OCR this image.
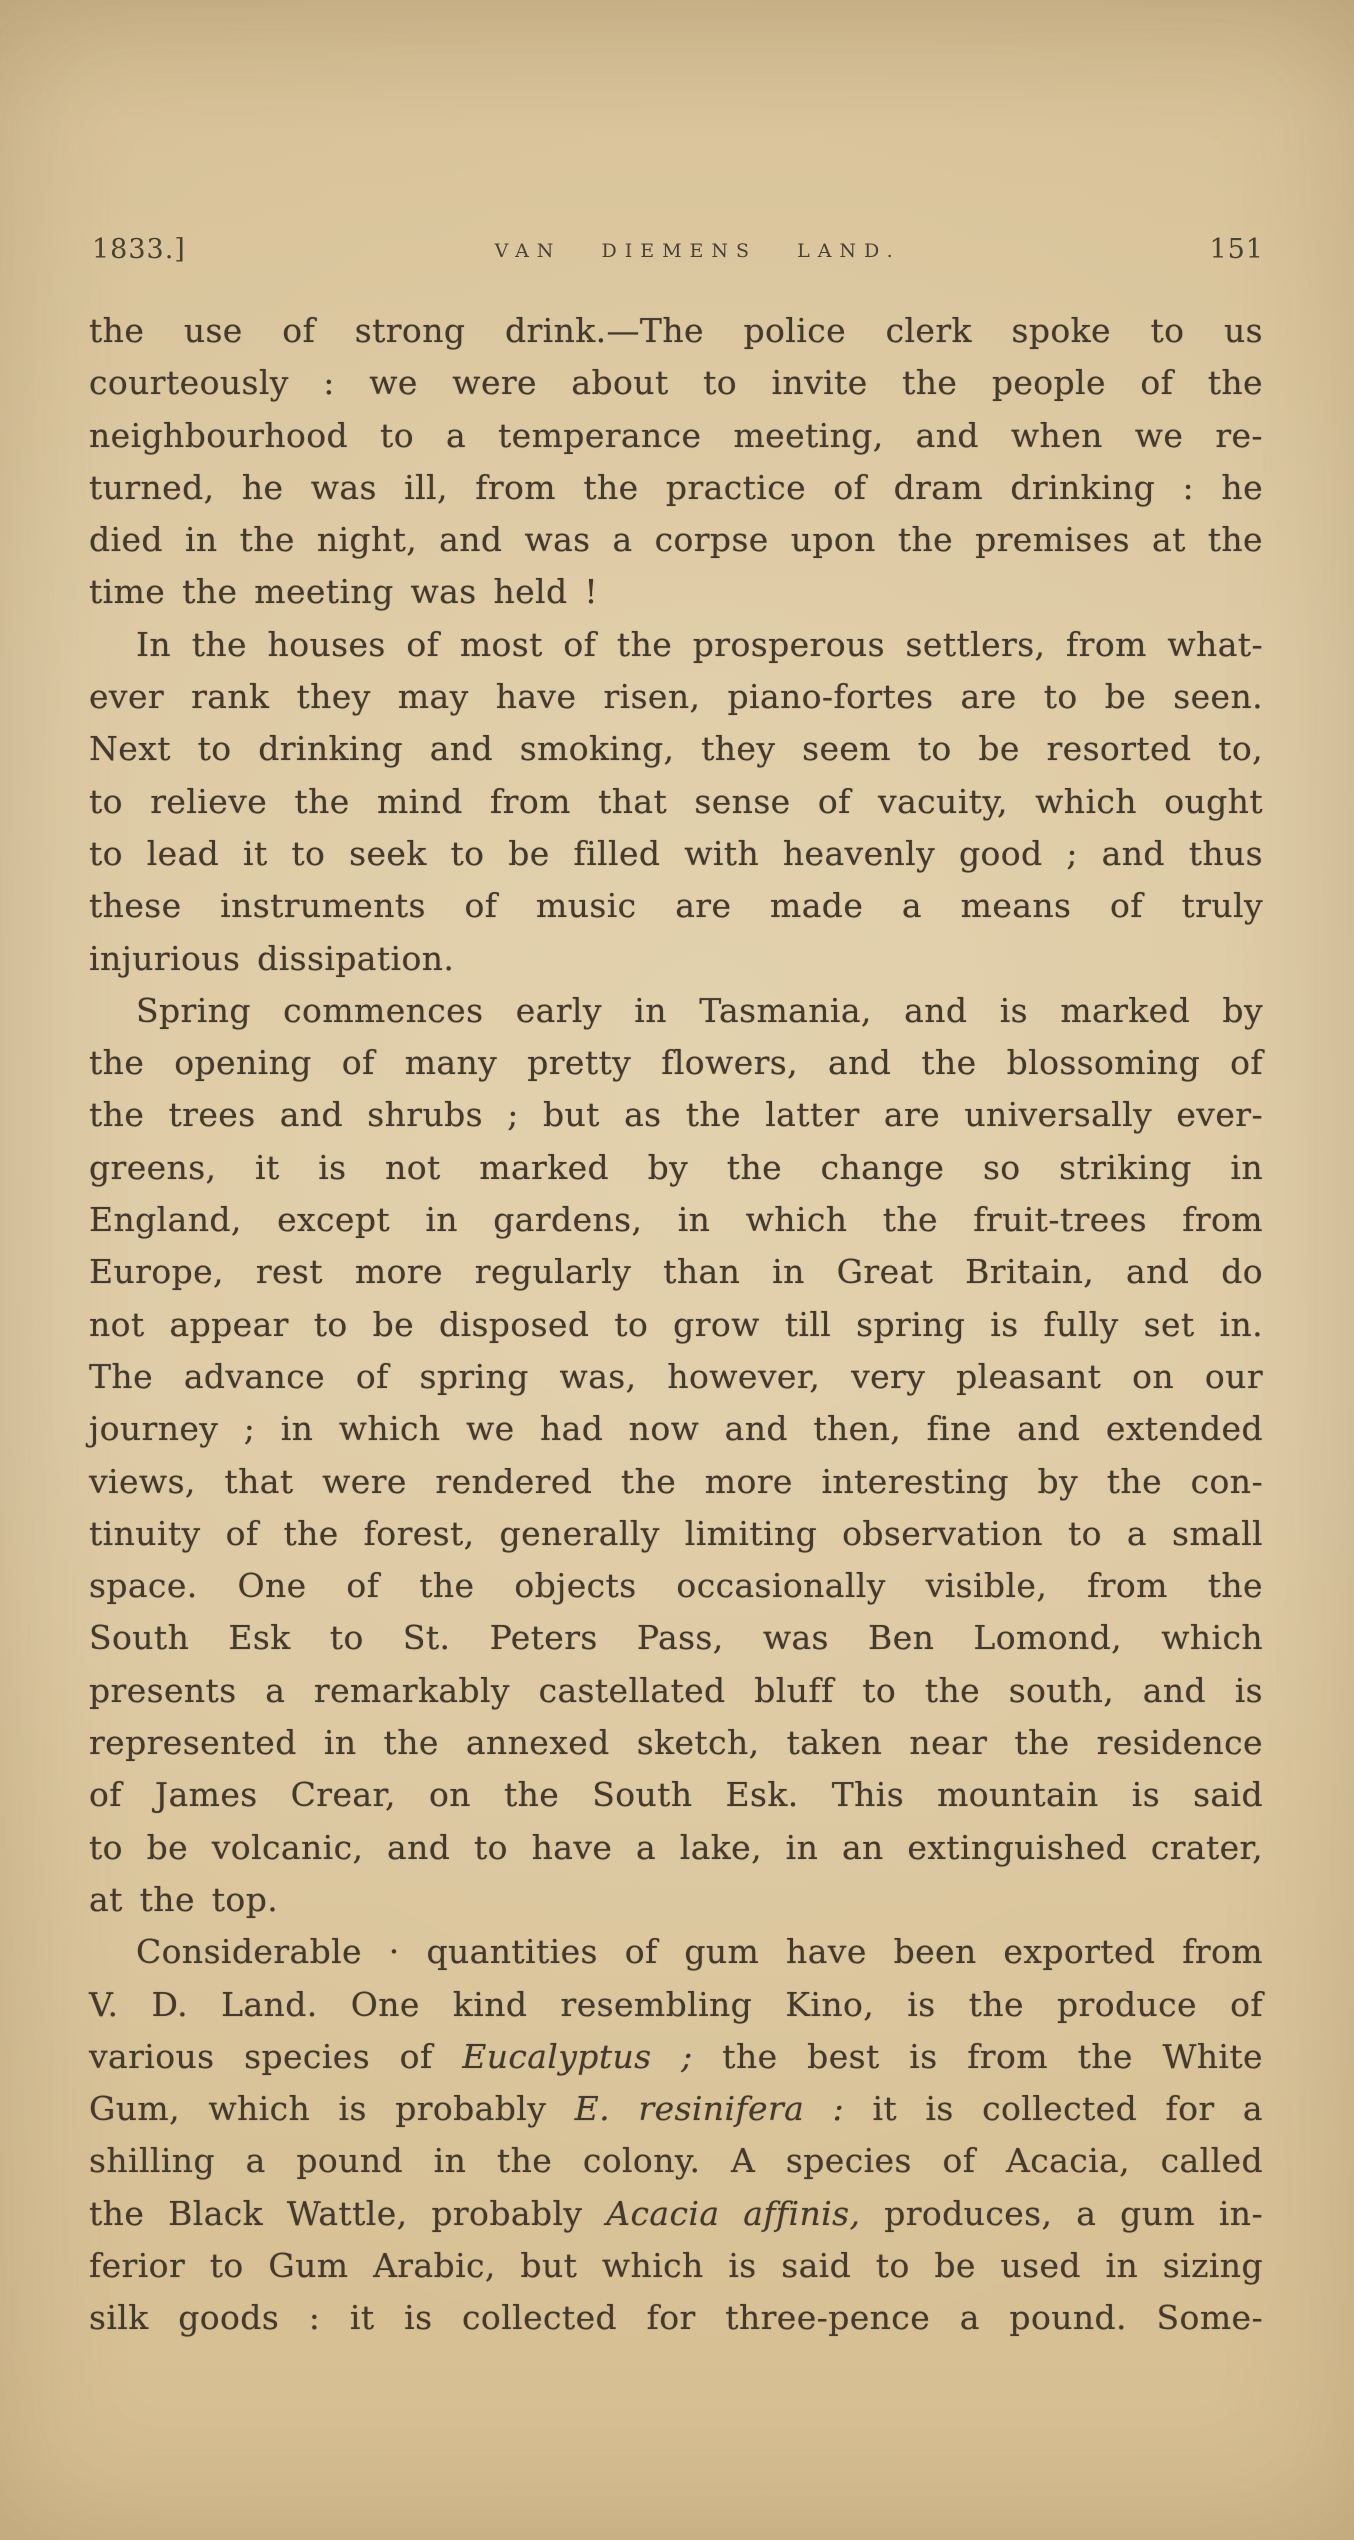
1833.]	VAN DIEMENS LAND.	151

the use of strong drink.—The police clerk spoke to us
courteously : we were about to invite the people of the
neighbourhood to a temperance meeting, and when we re-
turned, he was ill, from the practice of dram drinking : he
died in the night, and was a corpse upon the premises at the
time the meeting was held !

In the houses of most of the prosperous settlers, from what-
ever rank they may have risen, piano-fortes are to be seen.
Next to drinking and smoking, they seem to be resorted to,
to relieve the mind from that sense of vacuity, which ought
to lead it to seek to be filled with heavenly good ; and thus
these instruments of music are made a means of truly
injurious dissipation.

Spring commences early in Tasmania, and is marked by
the opening of many pretty flowers, and the blossoming of
the trees and shrubs ; but as the latter are universally ever-
greens, it is not marked by the change so striking in
England, except in gardens, in which the fruit-trees from
Europe, rest more regularly than in Great Britain, and do
not appear to be disposed to grow till spring is fully set in.
The advance of spring was, however, very pleasant on our
journey ; in which we had now and then, fine and extended
views, that were rendered the more interesting by the con-
tinuity of the forest, generally limiting observation to a small
space. One of the objects occasionally visible, from the
South Esk to St. Peters Pass, was Ben Lomond, which
presents a remarkably castellated bluff to the south, and is
represented in the annexed sketch, taken near the residence
of James Crear, on the South Esk. This mountain is said
to be volcanic, and to have a lake, in an extinguished crater,
at the top.

Considerable · quantities of gum have been exported from
V. D. Land. One kind resembling Kino, is the produce of
various species of Eucalyptus ; the best is from the White
Gum, which is probably E. resinifera : it is collected for a
shilling a pound in the colony. A species of Acacia, called
the Black Wattle, probably Acacia affinis, produces, a gum in-
ferior to Gum Arabic, but which is said to be used in sizing
silk goods : it is collected for three-pence a pound. Some-
